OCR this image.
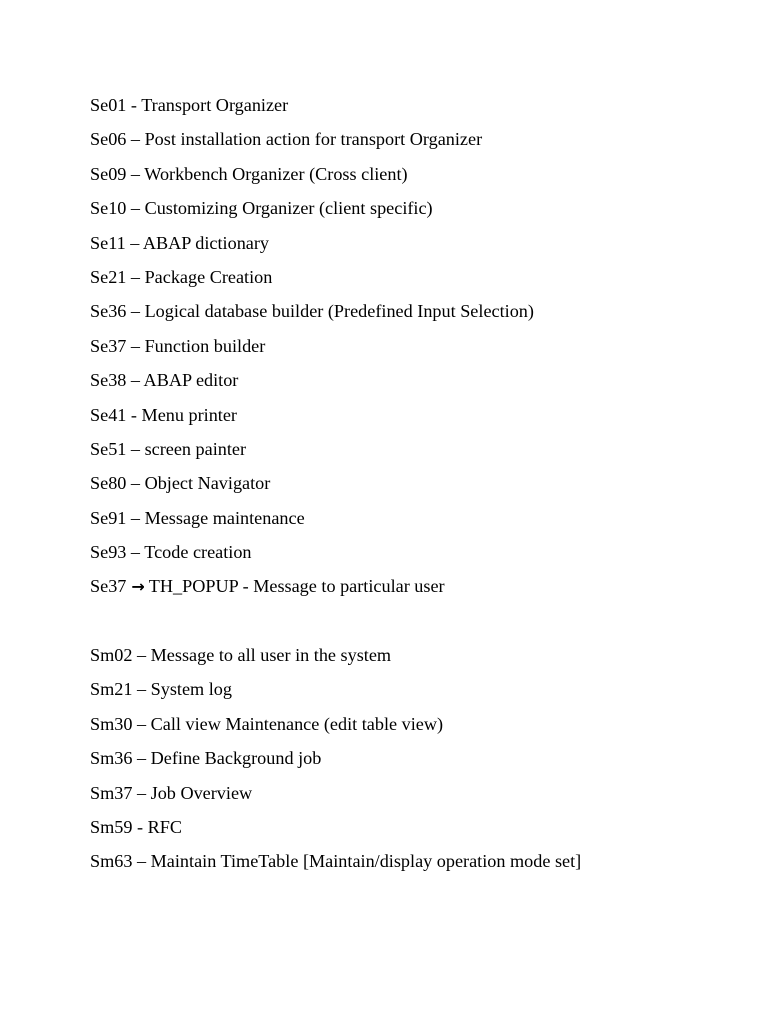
Se01 - Transport Organizer
Se06 – Post installation action for transport Organizer
Se09 – Workbench Organizer (Cross client)
Se10 – Customizing Organizer (client specific)
Se11 – ABAP dictionary
Se21 – Package Creation
Se36 – Logical database builder (Predefined Input Selection)
Se37 – Function builder
Se38 – ABAP editor
Se41 - Menu printer
Se51 – screen painter
Se80 – Object Navigator
Se91 – Message maintenance
Se93 – Tcode creation
Se37 → TH_POPUP - Message to particular user
Sm02 – Message to all user in the system
Sm21 – System log
Sm30 – Call view Maintenance (edit table view)
Sm36 – Define Background job
Sm37 – Job Overview
Sm59 - RFC
Sm63 – Maintain TimeTable [Maintain/display operation mode set]
